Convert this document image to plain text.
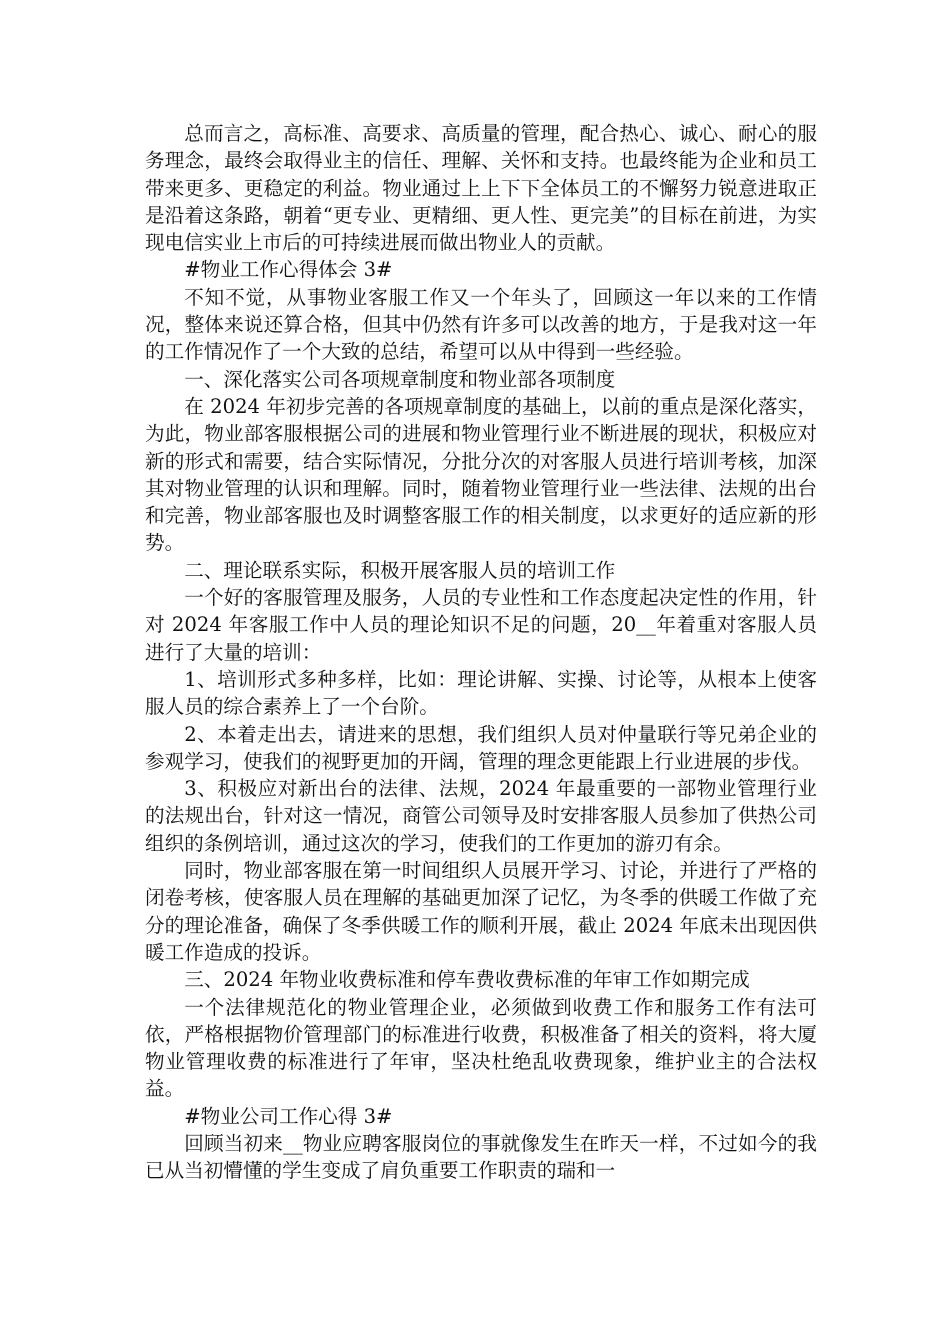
总而言之，高标准、高要求、高质量的管理，配合热心、诚心、耐心的服务理念，最终会取得业主的信任、理解、关怀和支持。也最终能为企业和员工带来更多、更稳定的利益。物业通过上上下下全体员工的不懈努力锐意进取正是沿着这条路，朝着“更专业、更精细、更人性、更完美”的目标在前进，为实现电信实业上市后的可持续进展而做出物业人的贡献。

#物业工作心得体会 3#

不知不觉，从事物业客服工作又一个年头了，回顾这一年以来的工作情况，整体来说还算合格，但其中仍然有许多可以改善的地方，于是我对这一年的工作情况作了一个大致的总结，希望可以从中得到一些经验。

一、深化落实公司各项规章制度和物业部各项制度

在 2024 年初步完善的各项规章制度的基础上，以前的重点是深化落实，为此，物业部客服根据公司的进展和物业管理行业不断进展的现状，积极应对新的形式和需要，结合实际情况，分批分次的对客服人员进行培训考核，加深其对物业管理的认识和理解。同时，随着物业管理行业一些法律、法规的出台和完善，物业部客服也及时调整客服工作的相关制度，以求更好的适应新的形势。

二、理论联系实际，积极开展客服人员的培训工作

一个好的客服管理及服务，人员的专业性和工作态度起决定性的作用，针对 2024 年客服工作中人员的理论知识不足的问题，20__年着重对客服人员进行了大量的培训：

1、培训形式多种多样，比如：理论讲解、实操、讨论等，从根本上使客服人员的综合素养上了一个台阶。

2、本着走出去，请进来的思想，我们组织人员对仲量联行等兄弟企业的参观学习，使我们的视野更加的开阔，管理的理念更能跟上行业进展的步伐。

3、积极应对新出台的法律、法规，2024 年最重要的一部物业管理行业的法规出台，针对这一情况，商管公司领导及时安排客服人员参加了供热公司组织的条例培训，通过这次的学习，使我们的工作更加的游刃有余。

同时，物业部客服在第一时间组织人员展开学习、讨论，并进行了严格的闭卷考核，使客服人员在理解的基础更加深了记忆，为冬季的供暖工作做了充分的理论准备，确保了冬季供暖工作的顺利开展，截止 2024 年底未出现因供暖工作造成的投诉。

三、2024 年物业收费标准和停车费收费标准的年审工作如期完成

一个法律规范化的物业管理企业，必须做到收费工作和服务工作有法可依，严格根据物价管理部门的标准进行收费，积极准备了相关的资料，将大厦物业管理收费的标准进行了年审，坚决杜绝乱收费现象，维护业主的合法权益。

#物业公司工作心得 3#

回顾当初来__物业应聘客服岗位的事就像发生在昨天一样，不过如今的我已从当初懵懂的学生变成了肩负重要工作职责的瑞和一
